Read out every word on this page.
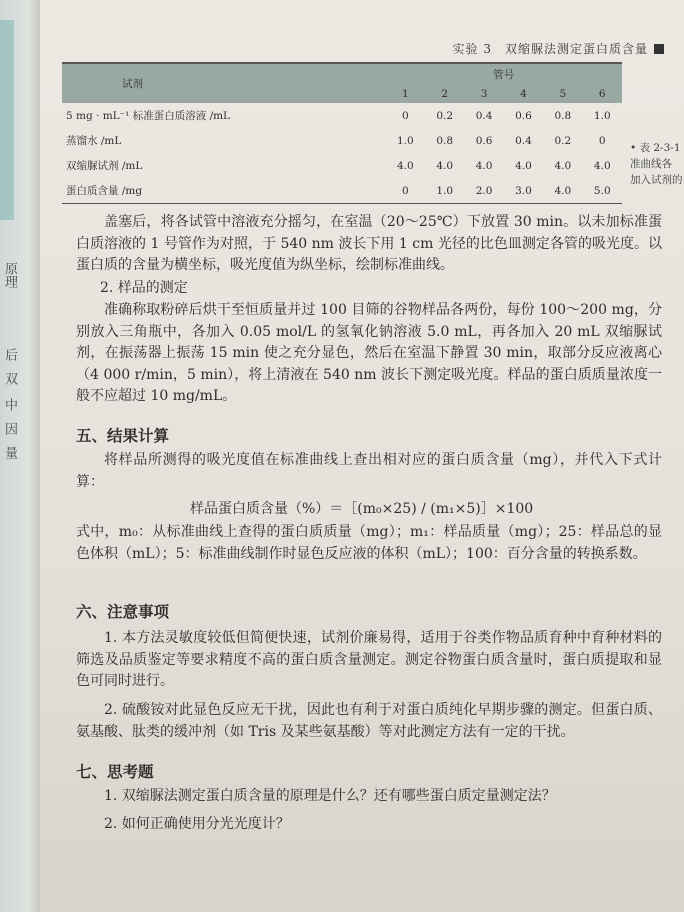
原理
后
双
中
因
量
实验 3　双缩脲法测定蛋白质含量
试剂	管号					
	1	2	3	4	5	6
5 mg · mL⁻¹ 标准蛋白质溶液 /mL	0	0.2	0.4	0.6	0.8	1.0
蒸馏水 /mL	1.0	0.8	0.6	0.4	0.2	0
双缩脲试剂 /mL	4.0	4.0	4.0	4.0	4.0	4.0
蛋白质含量 /mg	0	1.0	2.0	3.0	4.0	5.0
• 表 2-3-1
准曲线各
加入试剂的
盖塞后，将各试管中溶液充分摇匀，在室温（20～25℃）下放置 30 min。以未加标准蛋白质溶液的 1 号管作为对照，于 540 nm 波长下用 1 cm 光径的比色皿测定各管的吸光度。以蛋白质的含量为横坐标，吸光度值为纵坐标，绘制标准曲线。
2. 样品的测定
准确称取粉碎后烘干至恒质量并过 100 目筛的谷物样品各两份，每份 100～200 mg，分别放入三角瓶中，各加入 0.05 mol/L 的氢氧化钠溶液 5.0 mL，再各加入 20 mL 双缩脲试剂，在振荡器上振荡 15 min 使之充分显色，然后在室温下静置 30 min，取部分反应液离心（4 000 r/min，5 min），将上清液在 540 nm 波长下测定吸光度。样品的蛋白质质量浓度一般不应超过 10 mg/mL。
五、结果计算
将样品所测得的吸光度值在标准曲线上查出相对应的蛋白质含量（mg），并代入下式计算：
样品蛋白质含量（%）＝［(m₀×25) / (m₁×5)］×100
式中，m₀：从标准曲线上查得的蛋白质质量（mg）；m₁：样品质量（mg）；25：样品总的显色体积（mL）；5：标准曲线制作时显色反应液的体积（mL）；100：百分含量的转换系数。
六、注意事项
1. 本方法灵敏度较低但简便快速，试剂价廉易得，适用于谷类作物品质育种中育种材料的筛选及品质鉴定等要求精度不高的蛋白质含量测定。测定谷物蛋白质含量时，蛋白质提取和显色可同时进行。
2. 硫酸铵对此显色反应无干扰，因此也有利于对蛋白质纯化早期步骤的测定。但蛋白质、氨基酸、肽类的缓冲剂（如 Tris 及某些氨基酸）等对此测定方法有一定的干扰。
七、思考题
1. 双缩脲法测定蛋白质含量的原理是什么？还有哪些蛋白质定量测定法？
2. 如何正确使用分光光度计？
